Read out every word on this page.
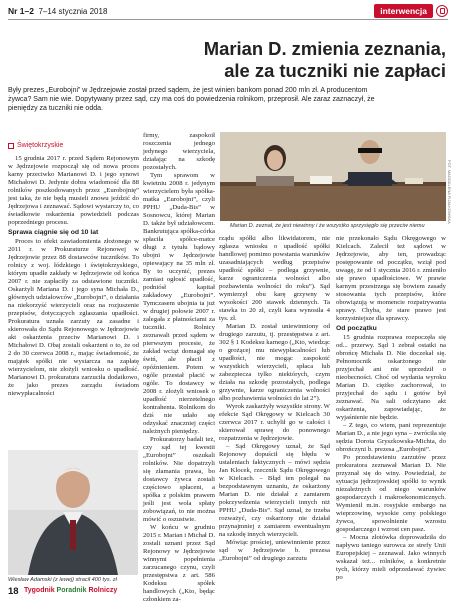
Nr 1–2 7–14 stycznia 2018	interwencja
Marian D. zmienia zeznania,
ale za tuczniki nie zapłaci
Były prezes „Eurobojni” w Jędrzejowie został przed sądem, że jest winien bankom ponad 200 mln zł. A producentom żywca? Sam nie wie. Dopytywany przez sąd, czy ma coś do powiedzenia rolnikom, przeprosił. Ale zaraz zaznaczył, że pieniędzy za tuczniki nie odda.
Świętokrzyskie

15 grudnia 2017 r. przed Sądem Rejonowym w Jędrzejowie rozpoczął się od nowa proces karny przeciwko Marianowi D. i jego synowi Michałowi D. Jedynie dobra wiadomość dla 88 rolników poszkodowanych przez „Eurobojnię” jest taka, że nie będą musieli znowu jeździć do Jędrzejowa i zeznawać. Sądowi wystarczy to, co świadkowie oskarżenia powiedzieli podczas poprzedniego procesu.

Sprawa ciągnie się od 10 lat

Proces to efekt zawiadomienia złożonego w 2011 r. w Prokuraturze Rejonowej w Jędrzejowie przez 88 dostawców tuczników. To rolnicy z woj. łódzkiego i świętokrzyskiego, którym upadłe zakłady w Jędrzejowie od końca 2007 r. nie zapłaciły za odstawione tuczniki. Oskarżyli Mariana D. i jego syna Michała D., głównych udziałowców „Eurobojni”, o działania na niekorzyść wierzycieli oraz na rozjuszenie przepisów, dotyczących zgłaszania upadłości. Prokuratura uznała zarzuty za zasadne i skierowała do Sądu Rejonowego w Jędrzejowie akt oskarżenia przeciw Marianowi D. i Michałowi D. Obaj zostali oskarżeni o to, że od 2 do 30 czerwca 2008 r., mając świadomość, że majątek spółki nie wystarcza na zapłatę wierzycielom, nie złożyli wniosku o upadłość. Marianowi D. prokuratura zarzuciła dodatkowo, że jako prezes zarządu świadom niewypłacalności

firmy, zaspokoił roszczenia jednego jedynego wierzyciela, działając na szkodę pozostałych.

Tym sprawom w kwietniu 2008 r. jedynym wierzycielem była spółka-matka „Eurobojni”, czyli PPHU „Duda-Bis” w Sosnowcu, której Marian D. także był udziałowcem. Bankrutująca spółka-córka spłaciła spółce-matce długi z tytułu bądowy ubojni w Jędrzejowie opiewający na 35 mln zł. By to uczynić, prezes zamiast ogłosić upadłość, podniósł kapitał zakładowy „Eurobojni”. Tymczasem ubojnia ta już w drugiej połowie 2007 r. zalegała z płatnościami za tuczniki. Rolnicy zeznawali przed sądem w pierwszym procesie, że zakład wciąż domagał się świń, ale płacił z opóźnieniem. Potem w ogóle przestał płacić w ogóle. To dostawcy w 2008 r. złożyli wniosek o upadłość nierzetelnego kontrahenta. Rolnikom do dziś nie udało się odzyskać znaczniej części należnych pieniędzy.

Prokuratorzy badali też, czy sąd tej kwestii „Eurobojni” oszukali rolników. Nie dopatrzyli się złamania prawa, bo dostawcy żywca zostali częściowo spłaceni, a spółka z polskim prawem jeśli jest wola spłaty zobowiązań, to nie można mówić o oszustwie.

W końcu w grudniu 2015 r. Marian i Michał D. zostali uznani przez Sąd Rejonowy w Jędrzejowie winnymi popełnienia zarzucanego czynu, czyli przestępstwa z art. 586 Kodeksu spółek handlowych („Kto, będąc członkiem za-

FOT. MAGDALENA FIJAŁKOWSKA
Marian D. zeznał, że jest niewinny i że wszystko sprzysięgło się przeciw niemu

rządu spółki albo likwidatorem, nie zgłasza wniosku o upadłość spółki handlowej pomimo powstania warunków uzasadniających według przepisów upadłość spółki – podlega grzywnie, karze ograniczenia wolności albo pozbawienia wolności do roku”). Sąd wymierzył obu karę grzywny w wysokości 200 stawek dziennych. Ta stawka to 20 zł, czyli kara wynosiła 4 tys. zł.

Marian D. został uniewinniony od drugiego zarzutu, tj. przestępstwa z art. 302 § 1 Kodeksu karnego („Kto, wiedząc o grożącej mu niewypłacalności lub upadłości, nie mogąc zaspokoić wszystkich wierzycieli, spłaca lub zabezpiecza tylko niektórych, czym działa na szkodę pozostałych, podlega grzywnie, karze ograniczenia wolności albo pozbawienia wolności do lat 2”).

Wyrok zaskarżyły wszystkie strony. W efekcie Sąd Okręgowy w Kielcach 30 czerwca 2017 r. uchylił go w całości i skierował sprawę do ponownego rozpatrzenia w Jędrzejowie.

– Sąd Okręgowy uznał, że Sąd Rejonowy dopuścił się błędu w ustaleniach faktycznych – mówi sędzia Jan Klocek, rzecznik Sądu Okręgowego w Kielcach. – Błąd ten polegał na bezpodstawnym uznaniu, że oskarżony Marian D. nie działał z zamiarem pokrzywdzenia wierzycieli innych niż PPHU „Duda-Bis”. Sąd uznał, że trzeba rozważyć, czy oskarżony nie działał przynajmniej z zamiarem ewentualnym na szkodę innych wierzycieli.

Mówiąc prościej, uniewinnienie przez sąd w Jędrzejowie b. prezesa „Eurobojni” od drugiego zarzutu

nie przekonało Sądu Okręgowego w Kielcach. Zalecił też sądowi w Jędrzejowie, aby ten, prowadząc postępowanie od początku, wziął pod uwagę, że od 1 stycznia 2016 r. zmieniło się prawo upadłościowe. W prawie karnym przestrzega się bowiem zasady stosowania tych przepisów, które obowiązują w momencie rozpatrywania sprawy. Chyba, że stare prawo jest korzystniejsze dla sprawcy.

Od początku

15 grudnia rozprawa rozpoczęła się od... przerwy. Sąd 1 zebrał ostatki na obrońcę Michała D. Nie doczekał się. Pełnomocnik oskarżonego nie przyjechał ani nie uprzedził o nieobecności. Choć od wydania wyroku Marian D. ciężko zachorował, to przyjechał do sądu i gotów był zeznawać. Na sali odczytano akt oskarżenia, zapowiadając, że wyjaśnienie nie będzie.

– Z tego, co wiem, pani reprezentuje Marian D., a nie jego syna – zwróciła się sędzia Dorota Gryszkowska-Michta, do obrończyni b. prezesa „Eurobojni”.

Po przedstawieniu zarzutów przez prokuratora zeznawał Marian D. Nie przyznał się do winy. Powiedział, że sytuacja jędrzejowskiej spółki to wynik niezależnych od niego warunków gospodarczych i makroekonomicznych. Wymienił m.in. rosyjskie embargo na wieprzowinę, wysokie ceny polskiego żywca, spowolnienie wzrostu gospodarczego i wzrost cen pasz.

– Mocna złotówka doprowadziła do napływu taniego surowca ze strefy Unii Europejskiej – zeznawał. Jako winnych wskazał też... rolników, a konkretnie tych, którzy mieli odprzedawać żywiec po

Wiesław Adamski (z lewej) stracił 400 tys. zł
18 Tygodnik Poradnik Rolniczy
